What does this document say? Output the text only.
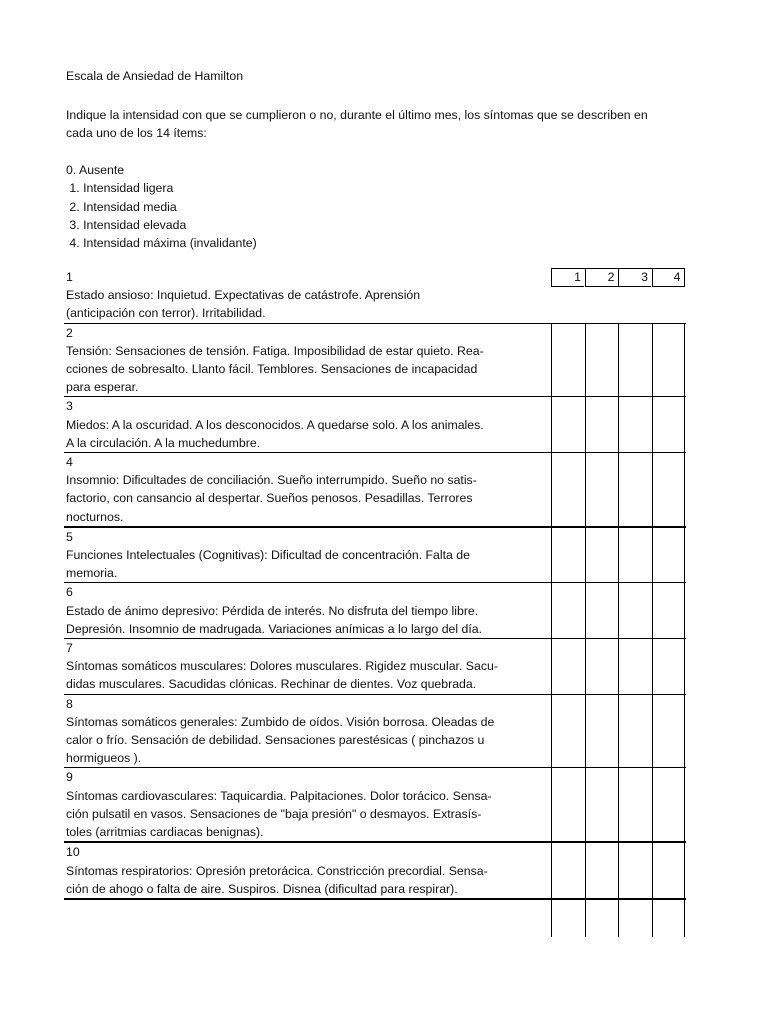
Escala de Ansiedad de Hamilton
Indique la intensidad con que se cumplieron o no, durante el último mes, los síntomas que se describen en cada uno de los 14 ítems:
0. Ausente
1. Intensidad ligera
2. Intensidad media
3. Intensidad elevada
4. Intensidad máxima (invalidante)
1
Estado ansioso: Inquietud. Expectativas de catástrofe. Aprensión
(anticipación con terror). Irritabilidad.
1 2 3 4
2
Tensión: Sensaciones de tensión. Fatiga. Imposibilidad de estar quieto. Rea-
cciones de sobresalto. Llanto fácil. Temblores. Sensaciones de incapacidad
para esperar.
3
Miedos: A la oscuridad. A los desconocidos. A quedarse solo. A los animales.
A la circulación. A la muchedumbre.
4
Insomnio: Dificultades de conciliación. Sueño interrumpido. Sueño no satis-
factorio, con cansancio al despertar. Sueños penosos. Pesadillas. Terrores
nocturnos.
5
Funciones Intelectuales (Cognitivas): Dificultad de concentración. Falta de
memoria.
6
Estado de ánimo depresivo: Pérdida de interés. No disfruta del tiempo libre.
Depresión. Insomnio de madrugada. Variaciones anímicas a lo largo del día.
7
Síntomas somáticos musculares: Dolores musculares. Rigidez muscular. Sacu-
didas musculares. Sacudidas clónicas. Rechinar de dientes. Voz quebrada.
8
Síntomas somáticos generales: Zumbido de oídos. Visión borrosa. Oleadas de
calor o frío. Sensación de debilidad. Sensaciones parestésicas ( pinchazos u
hormigueos ).
9
Síntomas cardiovasculares: Taquicardia. Palpitaciones. Dolor torácico. Sensa-
ción pulsatil en vasos. Sensaciones de "baja presión" o desmayos. Extrasís-
toles (arritmias cardiacas benignas).
10
Síntomas respiratorios: Opresión pretorácica. Constricción precordial. Sensa-
ción de ahogo o falta de aire. Suspiros. Disnea (dificultad para respirar).
